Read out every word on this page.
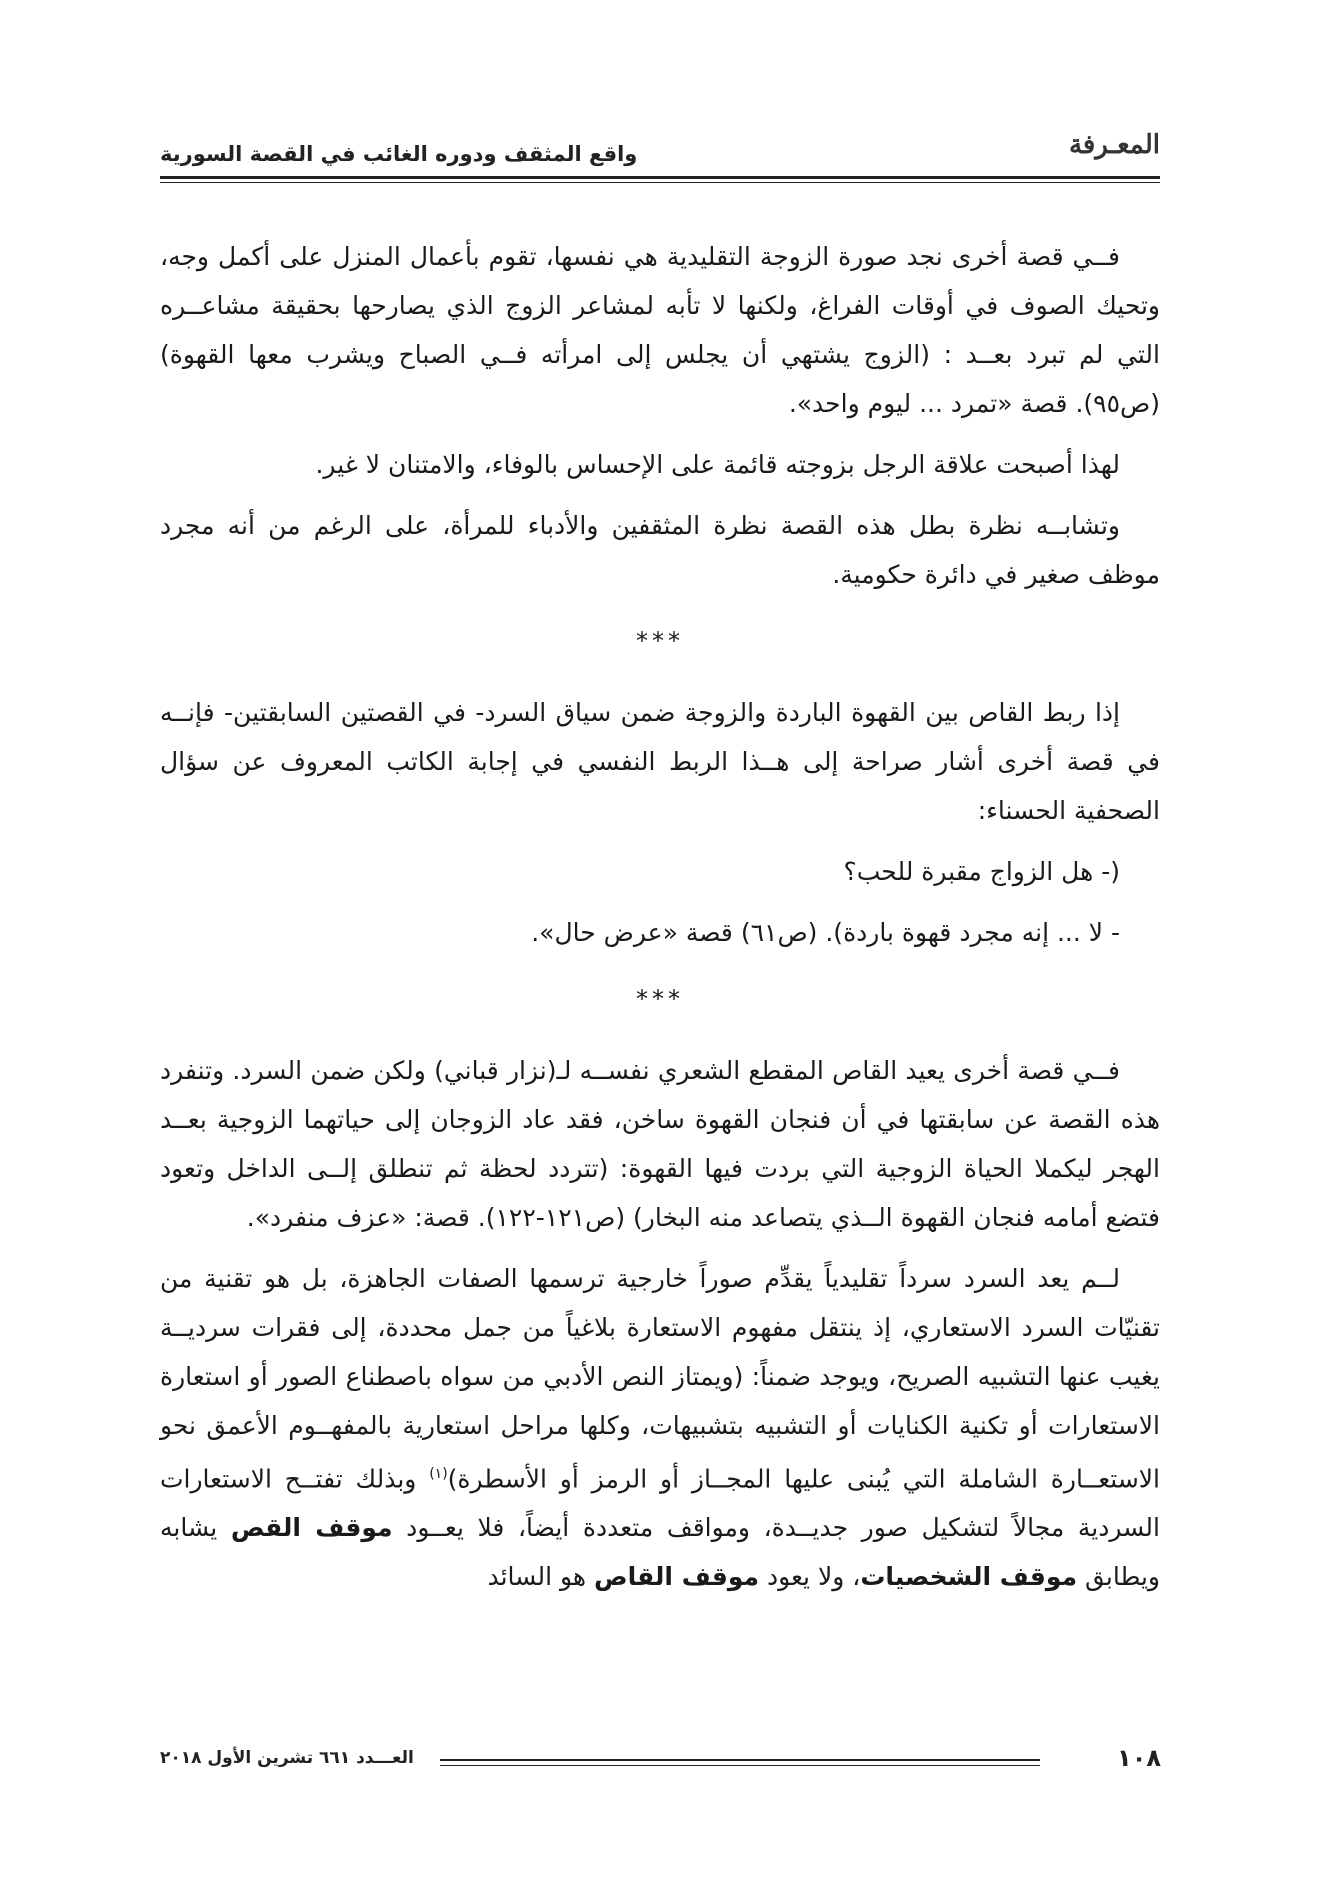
المعـرفة
واقع المثقف ودوره الغائب في القصة السورية

فــي قصة أخرى نجد صورة الزوجة التقليدية هي نفسها، تقوم بأعمال المنزل على أكمل وجه، وتحيك الصوف في أوقات الفراغ، ولكنها لا تأبه لمشاعر الزوج الذي يصارحها بحقيقة مشاعــره التي لم تبرد بعــد : (الزوج يشتهي أن يجلس إلى امرأته فــي الصباح ويشرب معها القهوة) (ص٩٥). قصة «تمرد ... ليوم واحد».

لهذا أصبحت علاقة الرجل بزوجته قائمة على الإحساس بالوفاء، والامتنان لا غير.

وتشابــه نظرة بطل هذه القصة نظرة المثقفين والأدباء للمرأة، على الرغم من أنه مجرد موظف صغير في دائرة حكومية.

***

إذا ربط القاص بين القهوة الباردة والزوجة ضمن سياق السرد- في القصتين السابقتين- فإنــه في قصة أخرى أشار صراحة إلى هــذا الربط النفسي في إجابة الكاتب المعروف عن سؤال الصحفية الحسناء:

(- هل الزواج مقبرة للحب؟

- لا ... إنه مجرد قهوة باردة). (ص٦١) قصة «عرض حال».

***

فــي قصة أخرى يعيد القاص المقطع الشعري نفســه لـ(نزار قباني) ولكن ضمن السرد. وتنفرد هذه القصة عن سابقتها في أن فنجان القهوة ساخن، فقد عاد الزوجان إلى حياتهما الزوجية بعــد الهجر ليكملا الحياة الزوجية التي بردت فيها القهوة: (تتردد لحظة ثم تنطلق إلــى الداخل وتعود فتضع أمامه فنجان القهوة الــذي يتصاعد منه البخار) (ص١٢١-١٢٢). قصة: «عزف منفرد».

لــم يعد السرد سرداً تقليدياً يقدِّم صوراً خارجية ترسمها الصفات الجاهزة، بل هو تقنية من تقنيّات السرد الاستعاري، إذ ينتقل مفهوم الاستعارة بلاغياً من جمل محددة، إلى فقرات سرديــة يغيب عنها التشبيه الصريح، ويوجد ضمناً: (ويمتاز النص الأدبي من سواه باصطناع الصور أو استعارة الاستعارات أو تكنية الكنايات أو التشبيه بتشبيهات، وكلها مراحل استعارية بالمفهــوم الأعمق نحو الاستعــارة الشاملة التي يُبنى عليها المجــاز أو الرمز أو الأسطرة)$^{(١)}$ وبذلك تفتــح الاستعارات السردية مجالاً لتشكيل صور جديــدة، ومواقف متعددة أيضاً، فلا يعــود موقف القص يشابه ويطابق موقف الشخصيات، ولا يعود موقف القاص هو السائد

العـــدد ٦٦١ تشرين الأول ٢٠١٨	١٠٨
